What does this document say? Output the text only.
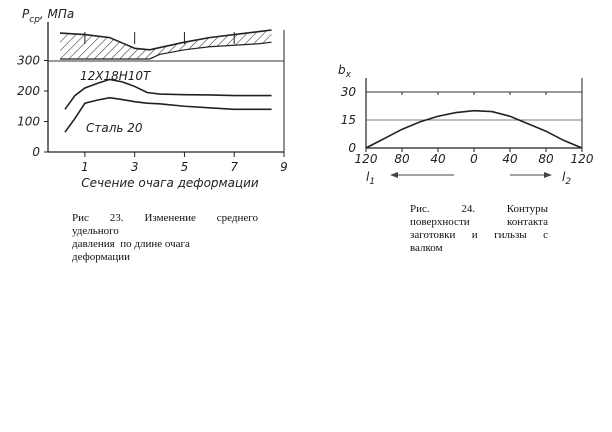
$P_{ср}$, МПа
0
100
200
300
1	3	5	7	9
Сечение очага деформации
12Х18Н10Т
Сталь 20
$b_x$
0
15
30
120 80 40 0 40 80 120
$l_1$	$l_2$
Рис 23. Изменение среднего
удельного
давления  по длине очага
деформации
Рис.	24.	Контуры
поверхности	контакта
заготовки и гильзы с
валком
